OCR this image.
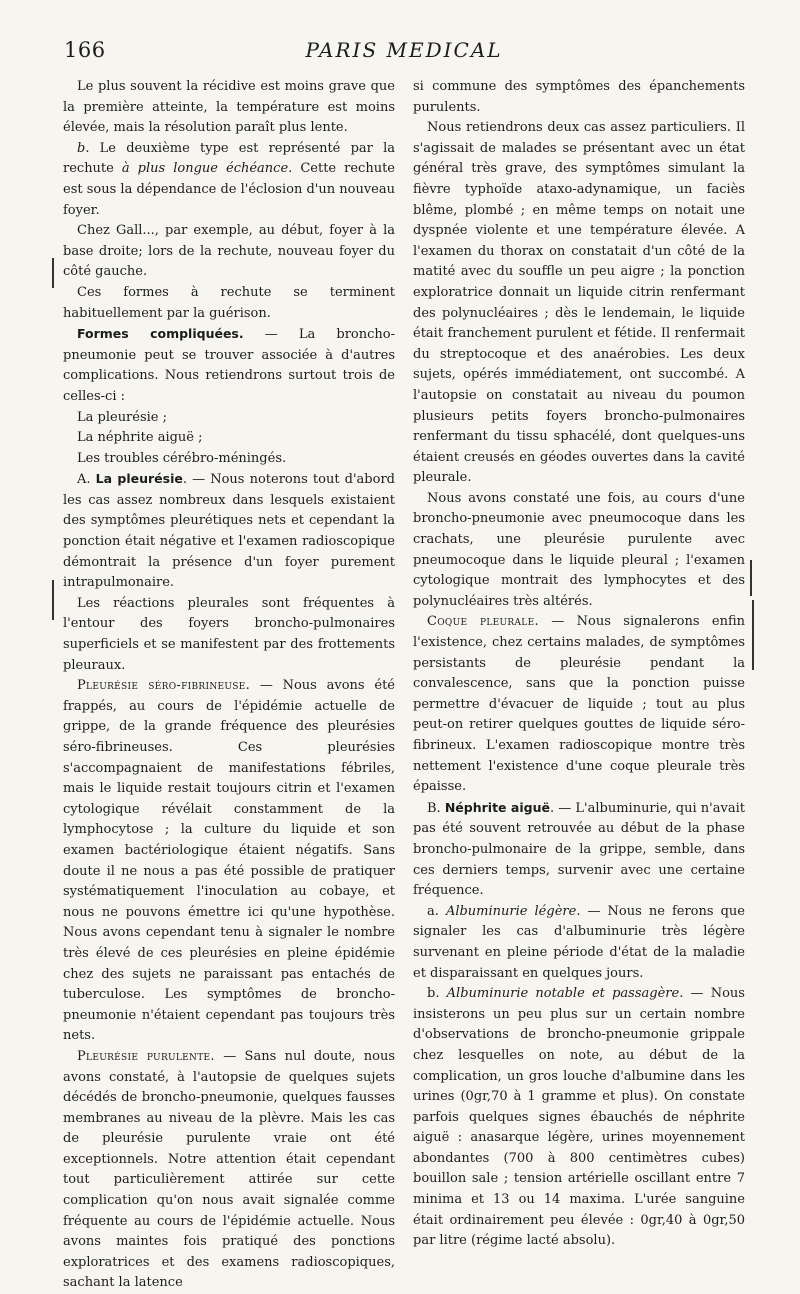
166	PARIS MEDICAL

Le plus souvent la récidive est moins grave que la première atteinte, la température est moins élevée, mais la résolution paraît plus lente.

b. Le deuxième type est représenté par la rechute à plus longue échéance. Cette rechute est sous la dépendance de l'éclosion d'un nouveau foyer.

Chez Gall..., par exemple, au début, foyer à la base droite; lors de la rechute, nouveau foyer du côté gauche.

Ces formes à rechute se terminent habituellement par la guérison.

Formes compliquées. — La broncho-pneumonie peut se trouver associée à d'autres complications. Nous retiendrons surtout trois de celles-ci :

La pleurésie ;

La néphrite aiguë ;

Les troubles cérébro-méningés.

A. La pleurésie. — Nous noterons tout d'abord les cas assez nombreux dans lesquels existaient des symptômes pleurétiques nets et cependant la ponction était négative et l'examen radioscopique démontrait la présence d'un foyer purement intrapulmonaire.

Les réactions pleurales sont fréquentes à l'entour des foyers broncho-pulmonaires superficiels et se manifestent par des frottements pleuraux.

Pleurésie séro-fibrineuse. — Nous avons été frappés, au cours de l'épidémie actuelle de grippe, de la grande fréquence des pleurésies séro-fibrineuses. Ces pleurésies s'accompagnaient de manifestations fébriles, mais le liquide restait toujours citrin et l'examen cytologique révélait constamment de la lymphocytose ; la culture du liquide et son examen bactériologique étaient négatifs. Sans doute il ne nous a pas été possible de pratiquer systématiquement l'inoculation au cobaye, et nous ne pouvons émettre ici qu'une hypothèse. Nous avons cependant tenu à signaler le nombre très élevé de ces pleurésies en pleine épidémie chez des sujets ne paraissant pas entachés de tuberculose. Les symptômes de broncho-pneumonie n'étaient cependant pas toujours très nets.

Pleurésie purulente. — Sans nul doute, nous avons constaté, à l'autopsie de quelques sujets décédés de broncho-pneumonie, quelques fausses membranes au niveau de la plèvre. Mais les cas de pleurésie purulente vraie ont été exceptionnels. Notre attention était cependant tout particulièrement attirée sur cette complication qu'on nous avait signalée comme fréquente au cours de l'épidémie actuelle. Nous avons maintes fois pratiqué des ponctions exploratrices et des examens radioscopiques, sachant la latence

si commune des symptômes des épanchements purulents.

Nous retiendrons deux cas assez particuliers. Il s'agissait de malades se présentant avec un état général très grave, des symptômes simulant la fièvre typhoïde ataxo-adynamique, un faciès blême, plombé ; en même temps on notait une dyspnée violente et une température élevée. A l'examen du thorax on constatait d'un côté de la matité avec du souffle un peu aigre ; la ponction exploratrice donnait un liquide citrin renfermant des polynucléaires ; dès le lendemain, le liquide était franchement purulent et fétide. Il renfermait du streptocoque et des anaérobies. Les deux sujets, opérés immédiatement, ont succombé. A l'autopsie on constatait au niveau du poumon plusieurs petits foyers broncho-pulmonaires renfermant du tissu sphacélé, dont quelques-uns étaient creusés en géodes ouvertes dans la cavité pleurale.

Nous avons constaté une fois, au cours d'une broncho-pneumonie avec pneumocoque dans les crachats, une pleurésie purulente avec pneumocoque dans le liquide pleural ; l'examen cytologique montrait des lymphocytes et des polynucléaires très altérés.

Coque pleurale. — Nous signalerons enfin l'existence, chez certains malades, de symptômes persistants de pleurésie pendant la convalescence, sans que la ponction puisse permettre d'évacuer de liquide ; tout au plus peut-on retirer quelques gouttes de liquide séro-fibrineux. L'examen radioscopique montre très nettement l'existence d'une coque pleurale très épaisse.

B. Néphrite aiguë. — L'albuminurie, qui n'avait pas été souvent retrouvée au début de la phase broncho-pulmonaire de la grippe, semble, dans ces derniers temps, survenir avec une certaine fréquence.

a. Albuminurie légère. — Nous ne ferons que signaler les cas d'albuminurie très légère survenant en pleine période d'état de la maladie et disparaissant en quelques jours.

b. Albuminurie notable et passagère. — Nous insisterons un peu plus sur un certain nombre d'observations de broncho-pneumonie grippale chez lesquelles on note, au début de la complication, un gros louche d'albumine dans les urines (0gr,70 à 1 gramme et plus). On constate parfois quelques signes ébauchés de néphrite aiguë : anasarque légère, urines moyennement abondantes (700 à 800 centimètres cubes) bouillon sale ; tension artérielle oscillant entre 7 minima et 13 ou 14 maxima. L'urée sanguine était ordinairement peu élevée : 0gr,40 à 0gr,50 par litre (régime lacté absolu).
